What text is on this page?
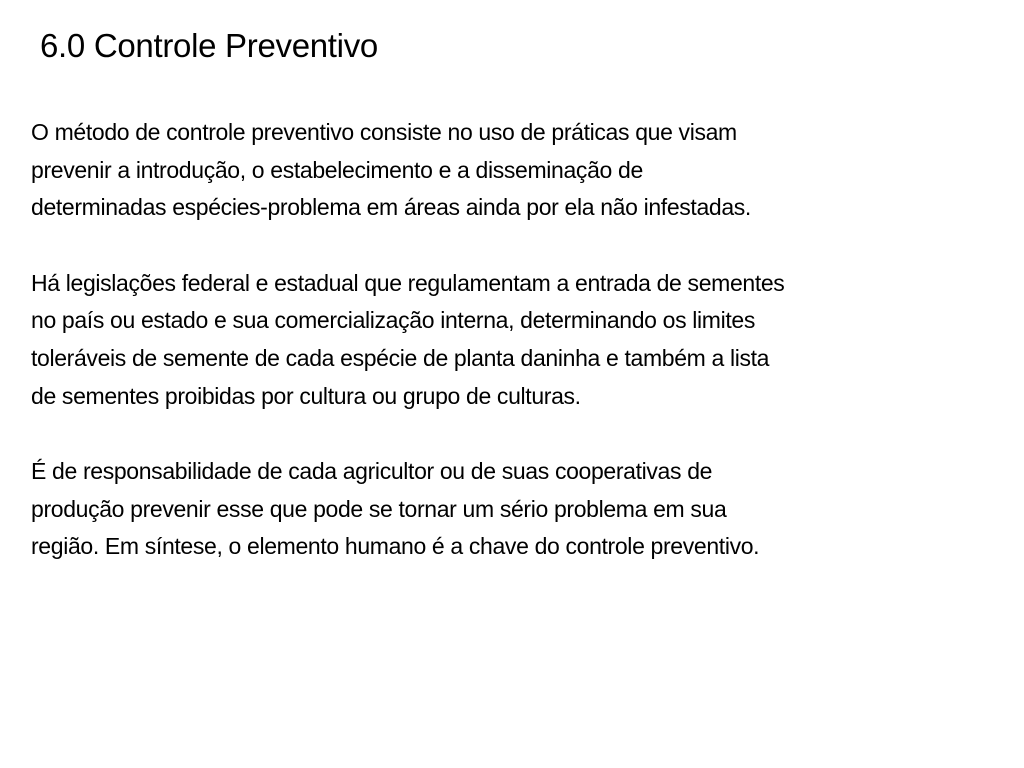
6.0 Controle Preventivo

O método de controle preventivo consiste no uso de práticas que visam
prevenir a introdução, o estabelecimento e a disseminação de
determinadas espécies-problema em áreas ainda por ela não infestadas.

Há legislações federal e estadual que regulamentam a entrada de sementes
no país ou estado e sua comercialização interna, determinando os limites
toleráveis de semente de cada espécie de planta daninha e também a lista
de sementes proibidas por cultura ou grupo de culturas.

É de responsabilidade de cada agricultor ou de suas cooperativas de
produção prevenir esse que pode se tornar um sério problema em sua
região. Em síntese, o elemento humano é a chave do controle preventivo.
